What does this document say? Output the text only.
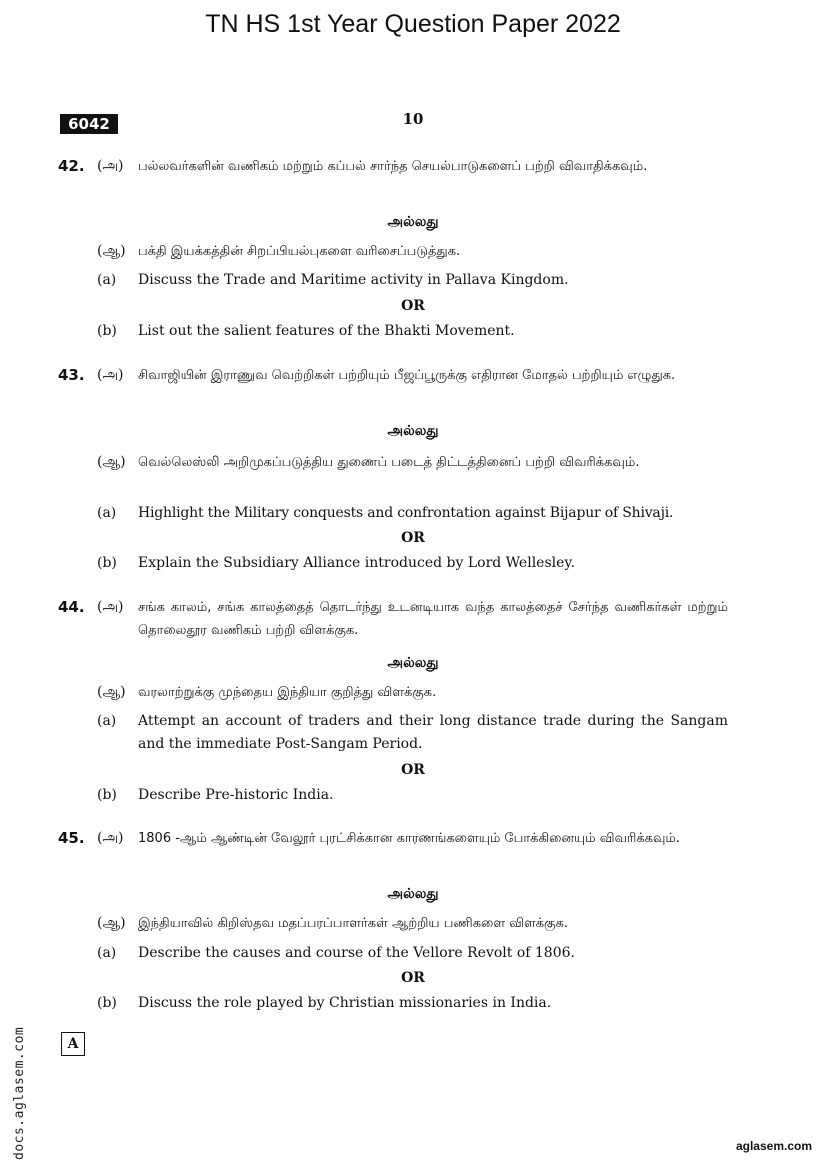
TN HS 1st Year Question Paper 2022
6042	10
42. (அ) பல்லவர்களின் வணிகம் மற்றும் கப்பல் சார்ந்த செயல்பாடுகளைப் பற்றி விவாதிக்கவும்.
அல்லது
(ஆ) பக்தி இயக்கத்தின் சிறப்பியல்புகளை வரிசைப்படுத்துக.
(a) Discuss the Trade and Maritime activity in Pallava Kingdom.
OR
(b) List out the salient features of the Bhakti Movement.
43. (அ) சிவாஜியின் இராணுவ வெற்றிகள் பற்றியும் பீஜப்பூருக்கு எதிரான மோதல் பற்றியும் எழுதுக.
அல்லது
(ஆ) வெல்லெஸ்லி அறிமுகப்படுத்திய துணைப் படைத் திட்டத்தினைப் பற்றி விவரிக்கவும்.
(a) Highlight the Military conquests and confrontation against Bijapur of Shivaji.
OR
(b) Explain the Subsidiary Alliance introduced by Lord Wellesley.
44. (அ) சங்க காலம், சங்க காலத்தைத் தொடர்ந்து உடனடியாக வந்த காலத்தைச் சேர்ந்த வணிகர்கள் மற்றும் தொலைதூர வணிகம் பற்றி விளக்குக.
அல்லது
(ஆ) வரலாற்றுக்கு முந்தைய இந்தியா குறித்து விளக்குக.
(a) Attempt an account of traders and their long distance trade during the Sangam and the immediate Post-Sangam Period.
OR
(b) Describe Pre-historic India.
45. (அ) 1806 -ஆம் ஆண்டின் வேலூர் புரட்சிக்கான காரணங்களையும் போக்கினையும் விவரிக்கவும்.
அல்லது
(ஆ) இந்தியாவில் கிறிஸ்தவ மதப்பரப்பாளர்கள் ஆற்றிய பணிகளை விளக்குக.
(a) Describe the causes and course of the Vellore Revolt of 1806.
OR
(b) Discuss the role played by Christian missionaries in India.
A
docs.aglasem.com	aglasem.com
